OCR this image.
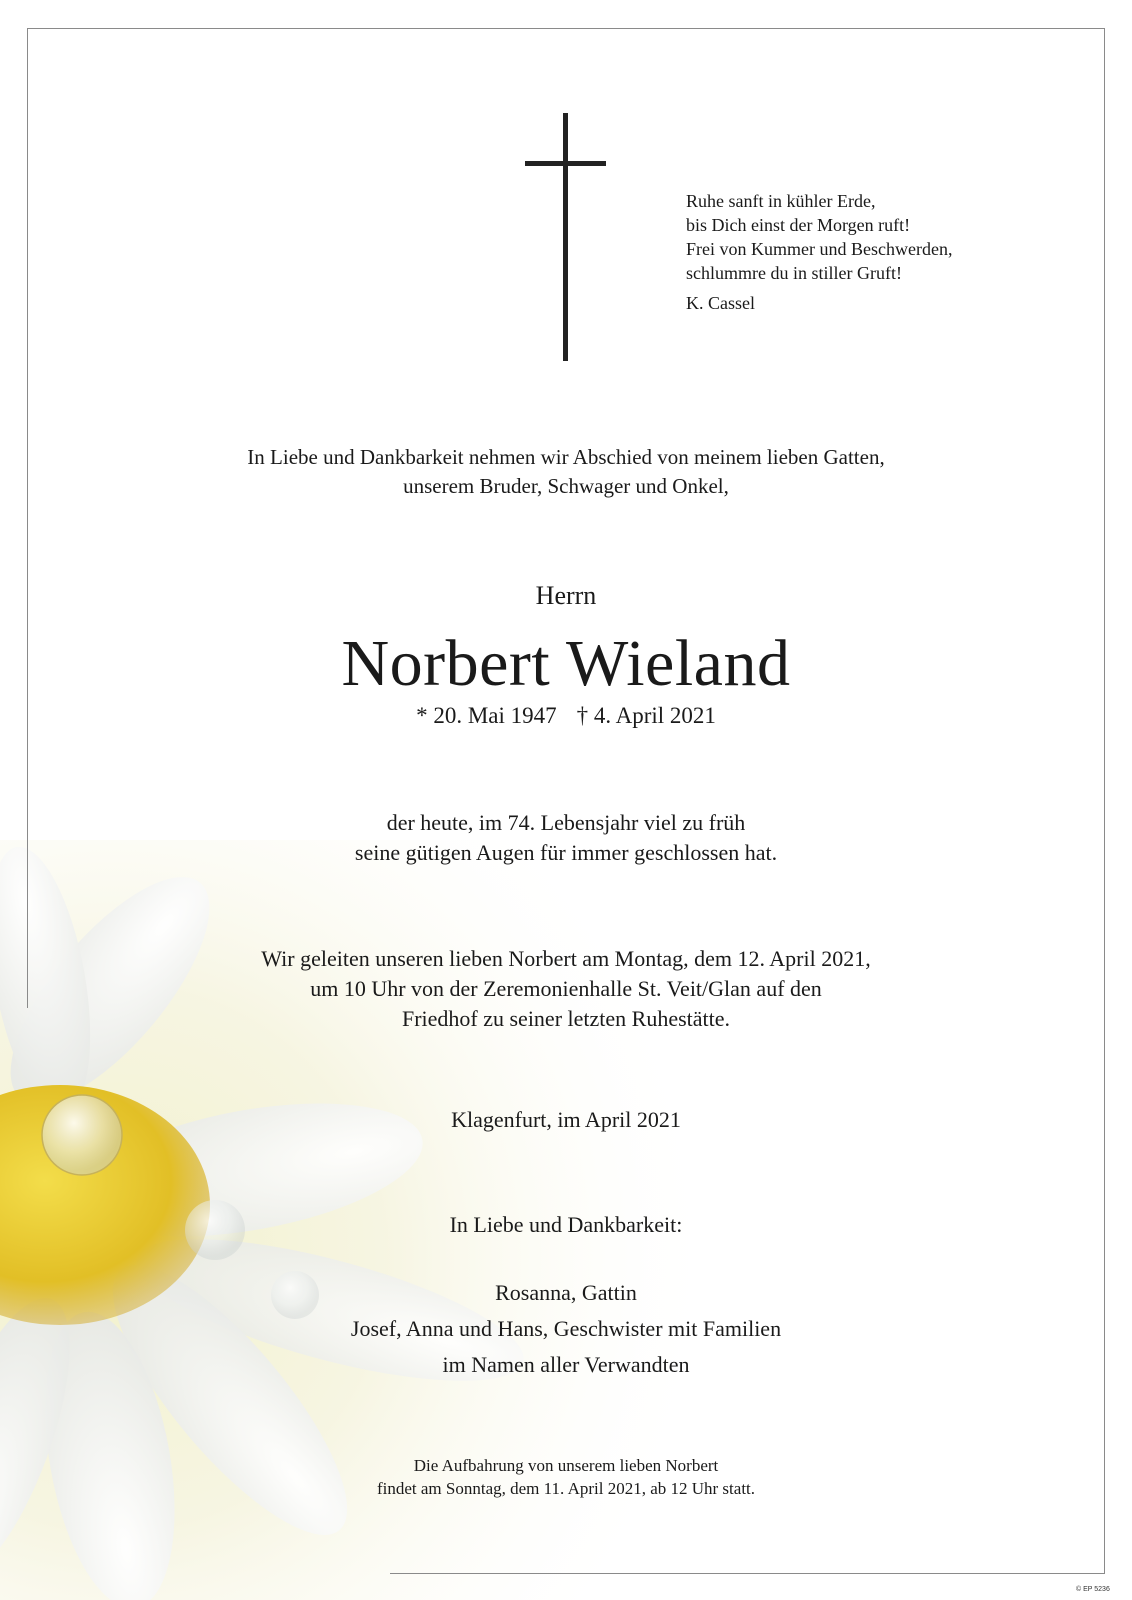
Ruhe sanft in kühler Erde,
bis Dich einst der Morgen ruft!
Frei von Kummer und Beschwerden,
schlummre du in stiller Gruft!
K. Cassel
In Liebe und Dankbarkeit nehmen wir Abschied von meinem lieben Gatten,
unserem Bruder, Schwager und Onkel,
Herrn
Norbert Wieland
* 20. Mai 1947 † 4. April 2021
der heute, im 74. Lebensjahr viel zu früh
seine gütigen Augen für immer geschlossen hat.
Wir geleiten unseren lieben Norbert am Montag, dem 12. April 2021,
um 10 Uhr von der Zeremonienhalle St. Veit/Glan auf den
Friedhof zu seiner letzten Ruhestätte.
Klagenfurt, im April 2021
In Liebe und Dankbarkeit:
Rosanna, Gattin
Josef, Anna und Hans, Geschwister mit Familien
im Namen aller Verwandten
Die Aufbahrung von unserem lieben Norbert
findet am Sonntag, dem 11. April 2021, ab 12 Uhr statt.
© EP 5236
